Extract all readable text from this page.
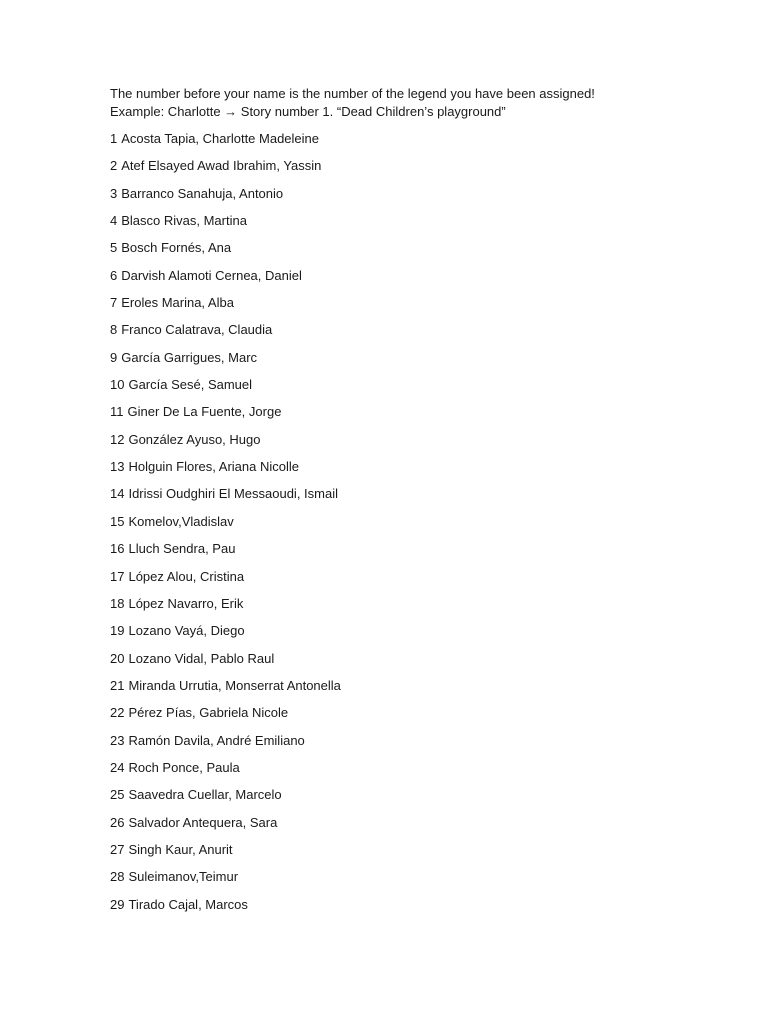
The number before your name is the number of the legend you have been assigned!
Example: Charlotte → Story number 1. “Dead Children’s playground”
1 Acosta Tapia, Charlotte Madeleine
2 Atef Elsayed Awad Ibrahim, Yassin
3 Barranco Sanahuja, Antonio
4 Blasco Rivas, Martina
5 Bosch Fornés, Ana
6 Darvish Alamoti Cernea, Daniel
7 Eroles Marina, Alba
8 Franco Calatrava, Claudia
9 García Garrigues, Marc
10 García Sesé, Samuel
11 Giner De La Fuente, Jorge
12 González Ayuso, Hugo
13 Holguin Flores, Ariana Nicolle
14 Idrissi Oudghiri El Messaoudi, Ismail
15 Komelov,Vladislav
16 Lluch Sendra, Pau
17 López Alou, Cristina
18 López Navarro, Erik
19 Lozano Vayá, Diego
20 Lozano Vidal, Pablo Raul
21 Miranda Urrutia, Monserrat Antonella
22 Pérez Pías, Gabriela Nicole
23 Ramón Davila, André Emiliano
24 Roch Ponce, Paula
25 Saavedra Cuellar, Marcelo
26 Salvador Antequera, Sara
27 Singh Kaur, Anurit
28 Suleimanov,Teimur
29 Tirado Cajal, Marcos
